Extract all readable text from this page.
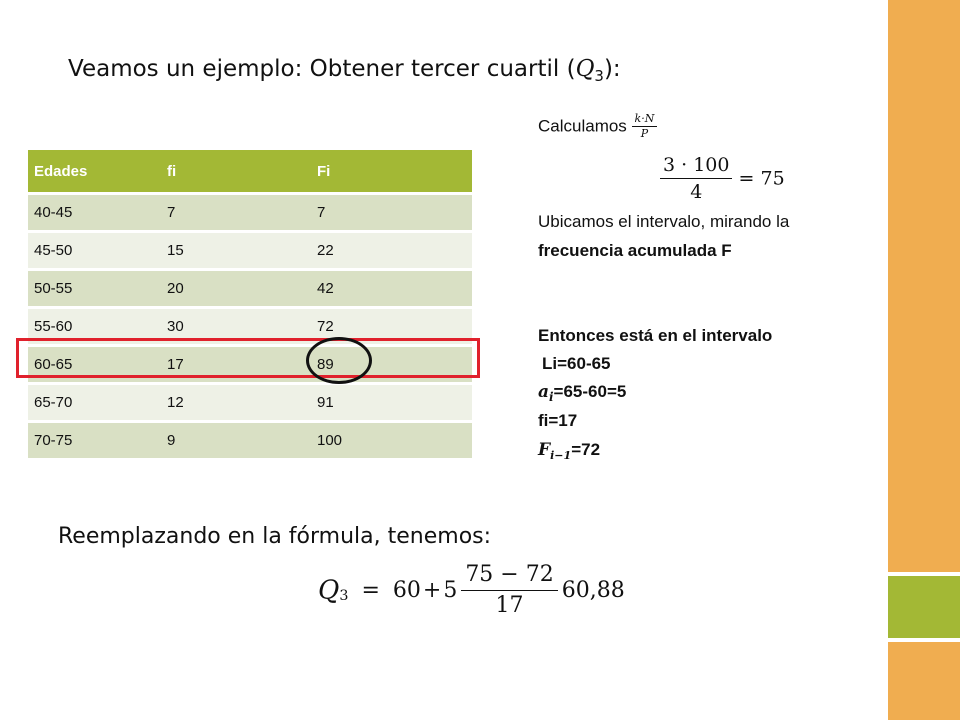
Veamos un ejemplo: Obtener tercer cuartil $(Q_3)$:
Edades	fi	Fi
40-45	7	7
45-50	15	22
50-55	20	42
55-60	30	72
60-65	17	89
65-70	12	91
70-75	9	100
Calculamos $\frac{k\cdot N}{P}$
$\frac{3 \cdot 100}{4} = 75$
Ubicamos el intervalo, mirando la
frecuencia acumulada F
Entonces está en el intervalo
Li=60-65
$a_i=65-60=5$
fi=17
$F_{i-1}=72$
Reemplazando en la fórmula, tenemos:
$Q_3 = 60+5 \frac{75 - 72}{17} 60,88$
